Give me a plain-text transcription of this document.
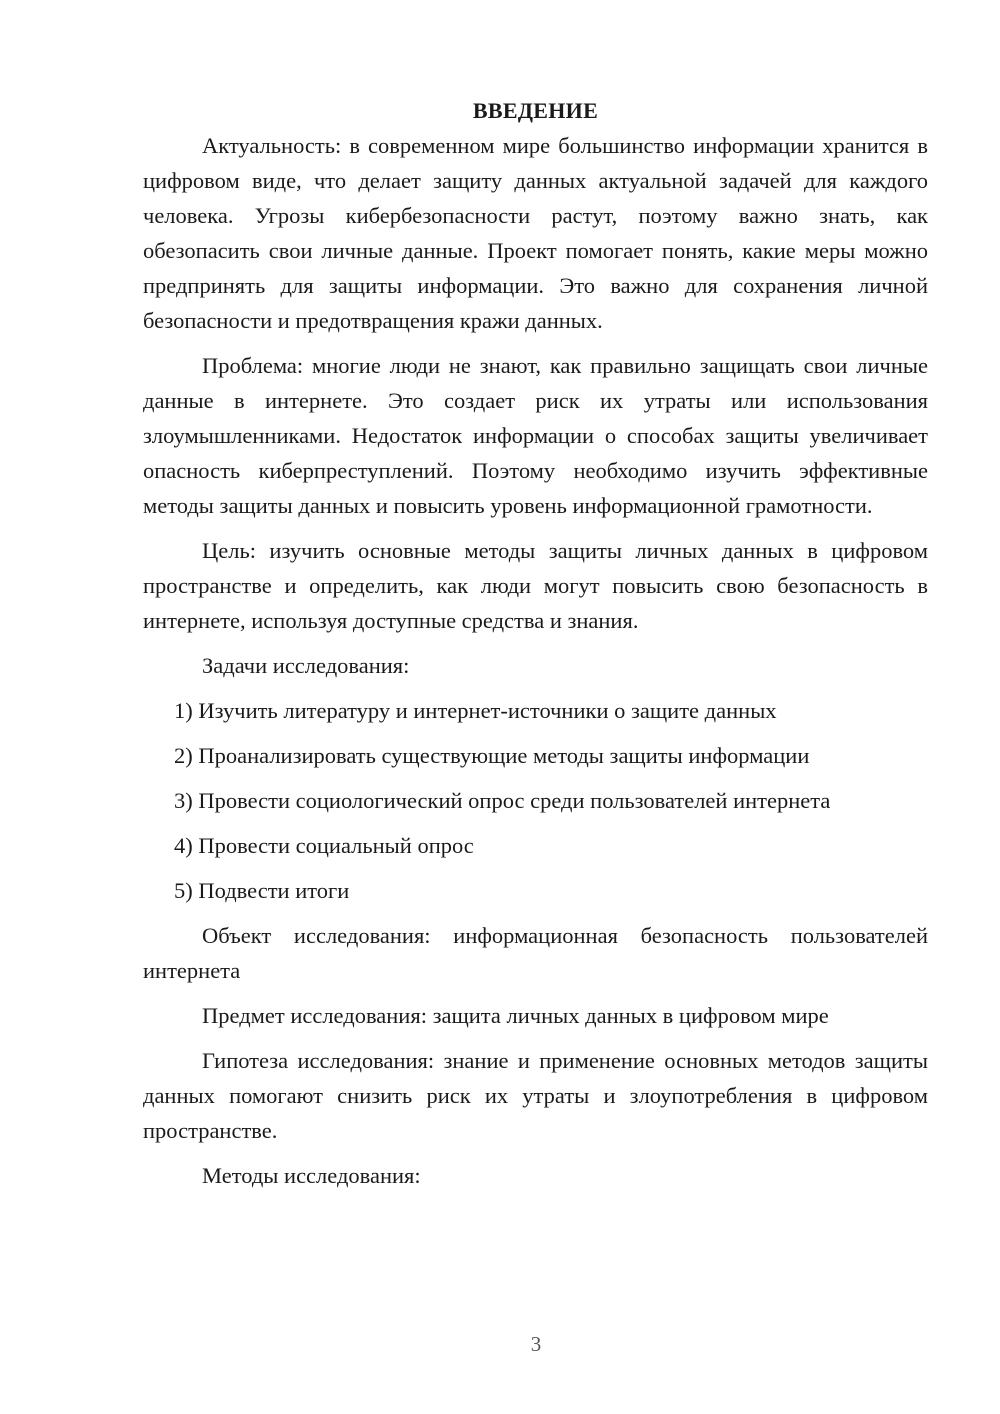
ВВЕДЕНИЕ

Актуальность: в современном мире большинство информации хранится в цифровом виде, что делает защиту данных актуальной задачей для каждого человека. Угрозы кибербезопасности растут, поэтому важно знать, как обезопасить свои личные данные. Проект помогает понять, какие меры можно предпринять для защиты информации. Это важно для сохранения личной безопасности и предотвращения кражи данных.

Проблема: многие люди не знают, как правильно защищать свои личные данные в интернете. Это создает риск их утраты или использования злоумышленниками. Недостаток информации о способах защиты увеличивает опасность киберпреступлений. Поэтому необходимо изучить эффективные методы защиты данных и повысить уровень информационной грамотности.

Цель: изучить основные методы защиты личных данных в цифровом пространстве и определить, как люди могут повысить свою безопасность в интернете, используя доступные средства и знания.

Задачи исследования:

1) Изучить литературу и интернет-источники о защите данных

2) Проанализировать существующие методы защиты информации

3) Провести социологический опрос среди пользователей интернета

4) Провести социальный опрос

5) Подвести итоги

Объект исследования: информационная безопасность пользователей интернета

Предмет исследования: защита личных данных в цифровом мире

Гипотеза исследования: знание и применение основных методов защиты данных помогают снизить риск их утраты и злоупотребления в цифровом пространстве.

Методы исследования:

3
